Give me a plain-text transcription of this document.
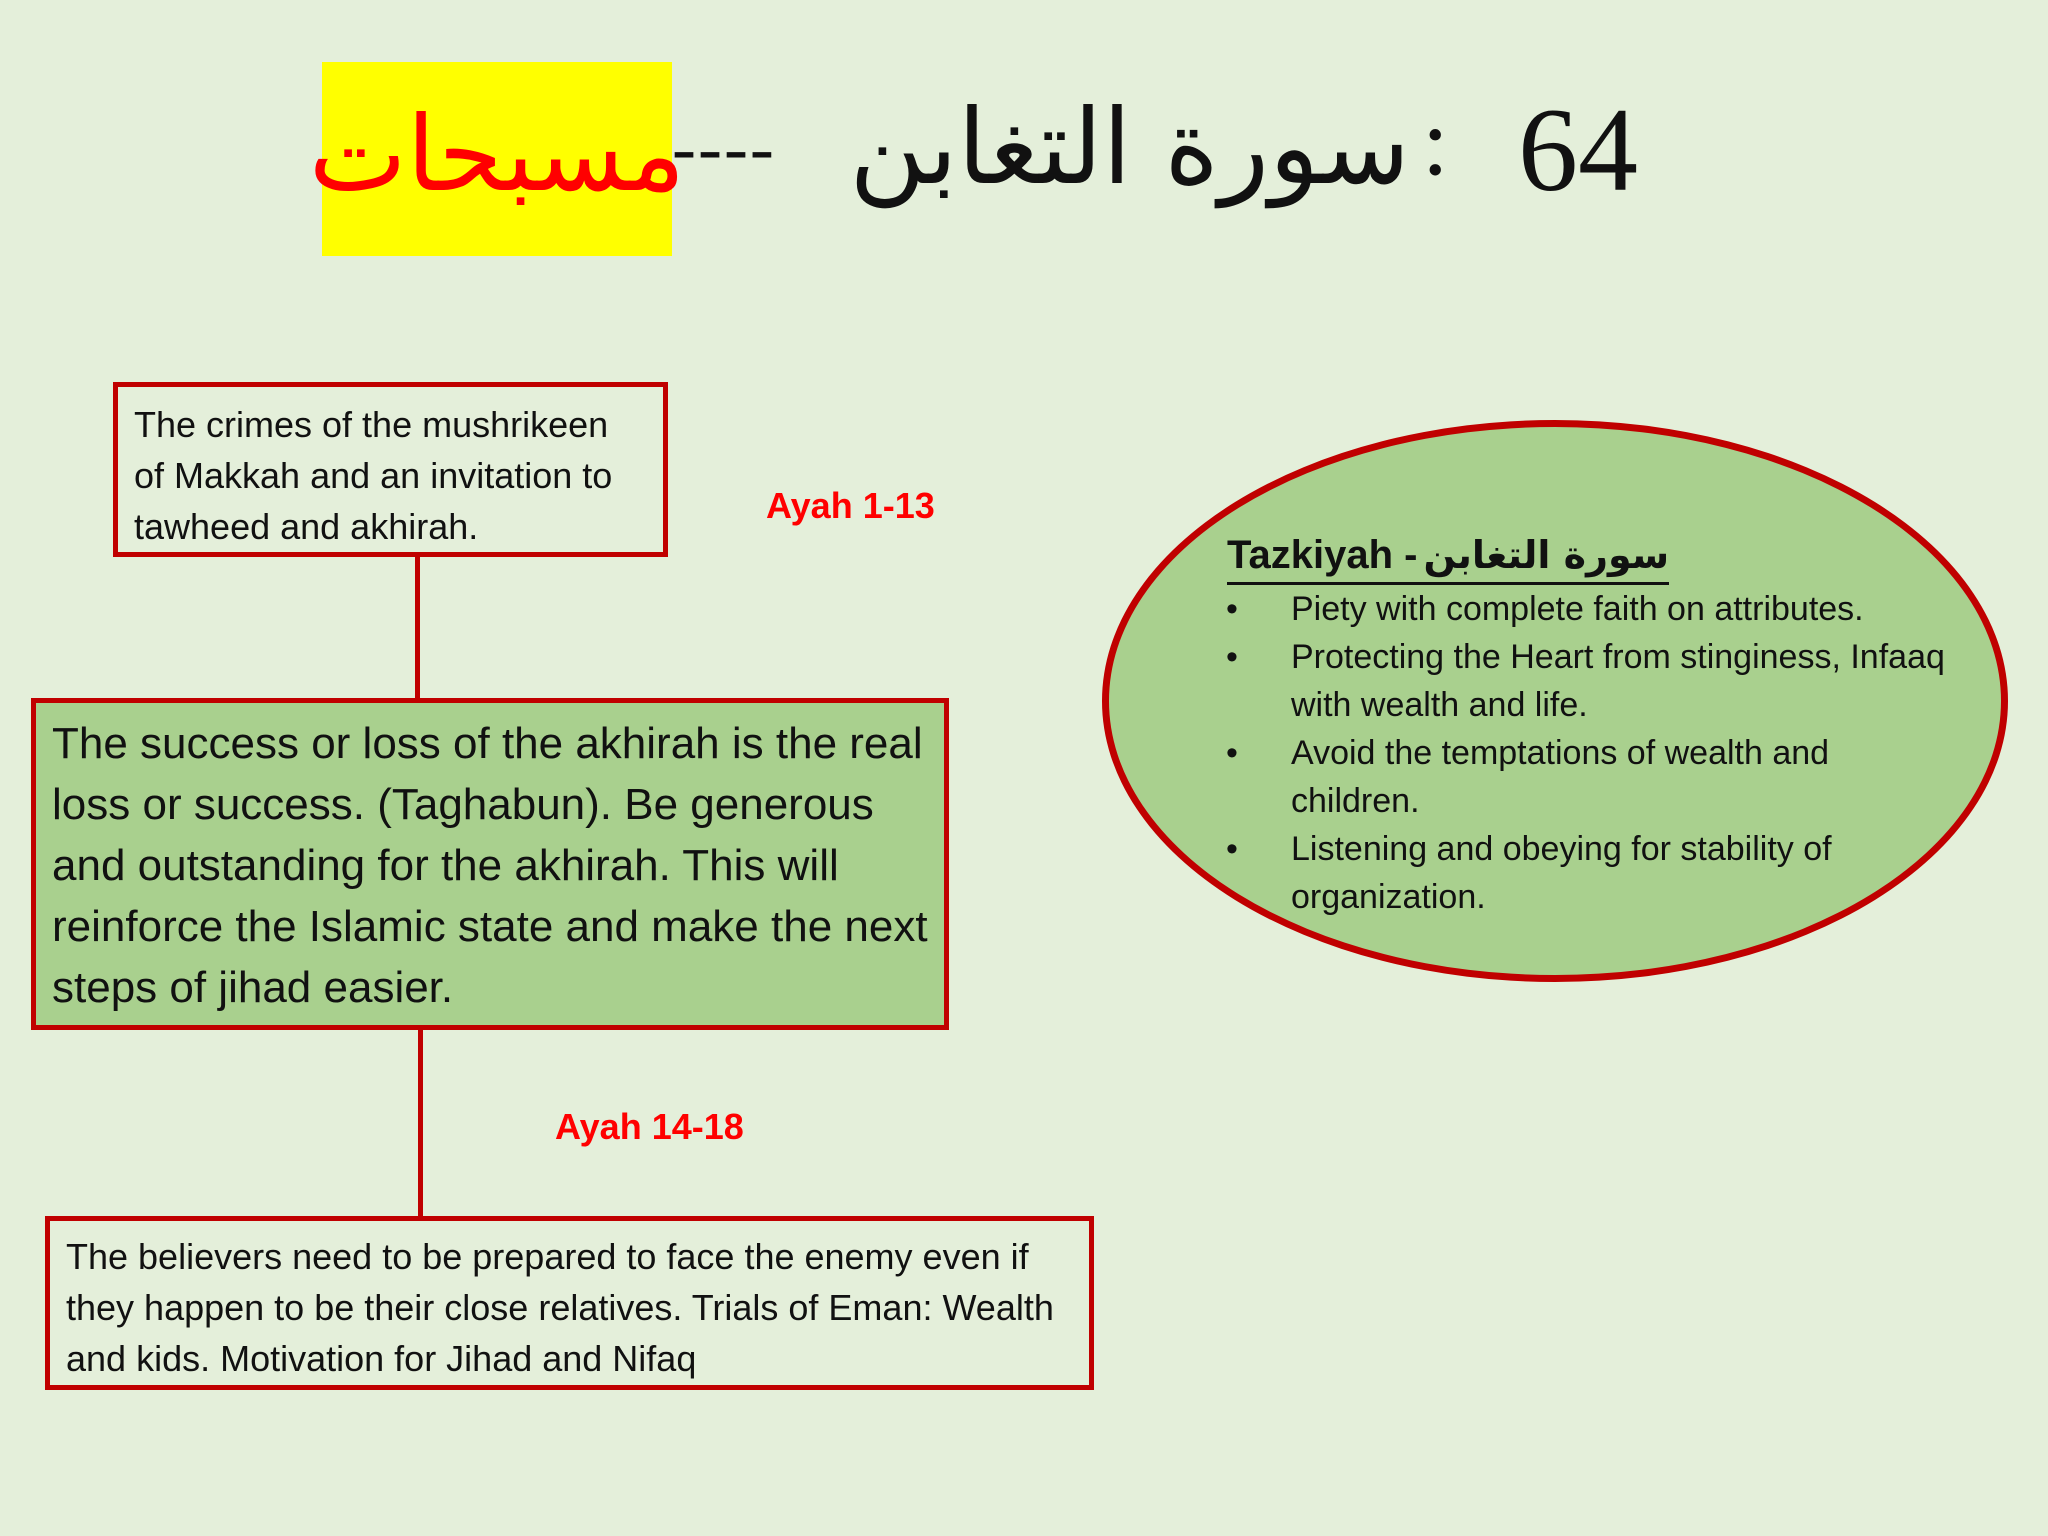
مسبحات
---- سورة التغابن : 64
The crimes of the mushrikeen of Makkah and an invitation to tawheed and akhirah.
Ayah 1-13
The success or loss of the akhirah is the real loss or success. (Taghabun). Be generous and outstanding for the akhirah. This will reinforce the Islamic state and make the next steps of jihad easier.
Ayah 14-18
The believers need to be prepared to face the enemy even if they happen to be their close relatives. Trials of Eman: Wealth and kids. Motivation for Jihad and Nifaq
Tazkiyah - سورة التغابن
• Piety with complete faith on attributes.
• Protecting the Heart from stinginess, Infaaq with wealth and life.
• Avoid the temptations of wealth and children.
• Listening and obeying for stability of organization.
